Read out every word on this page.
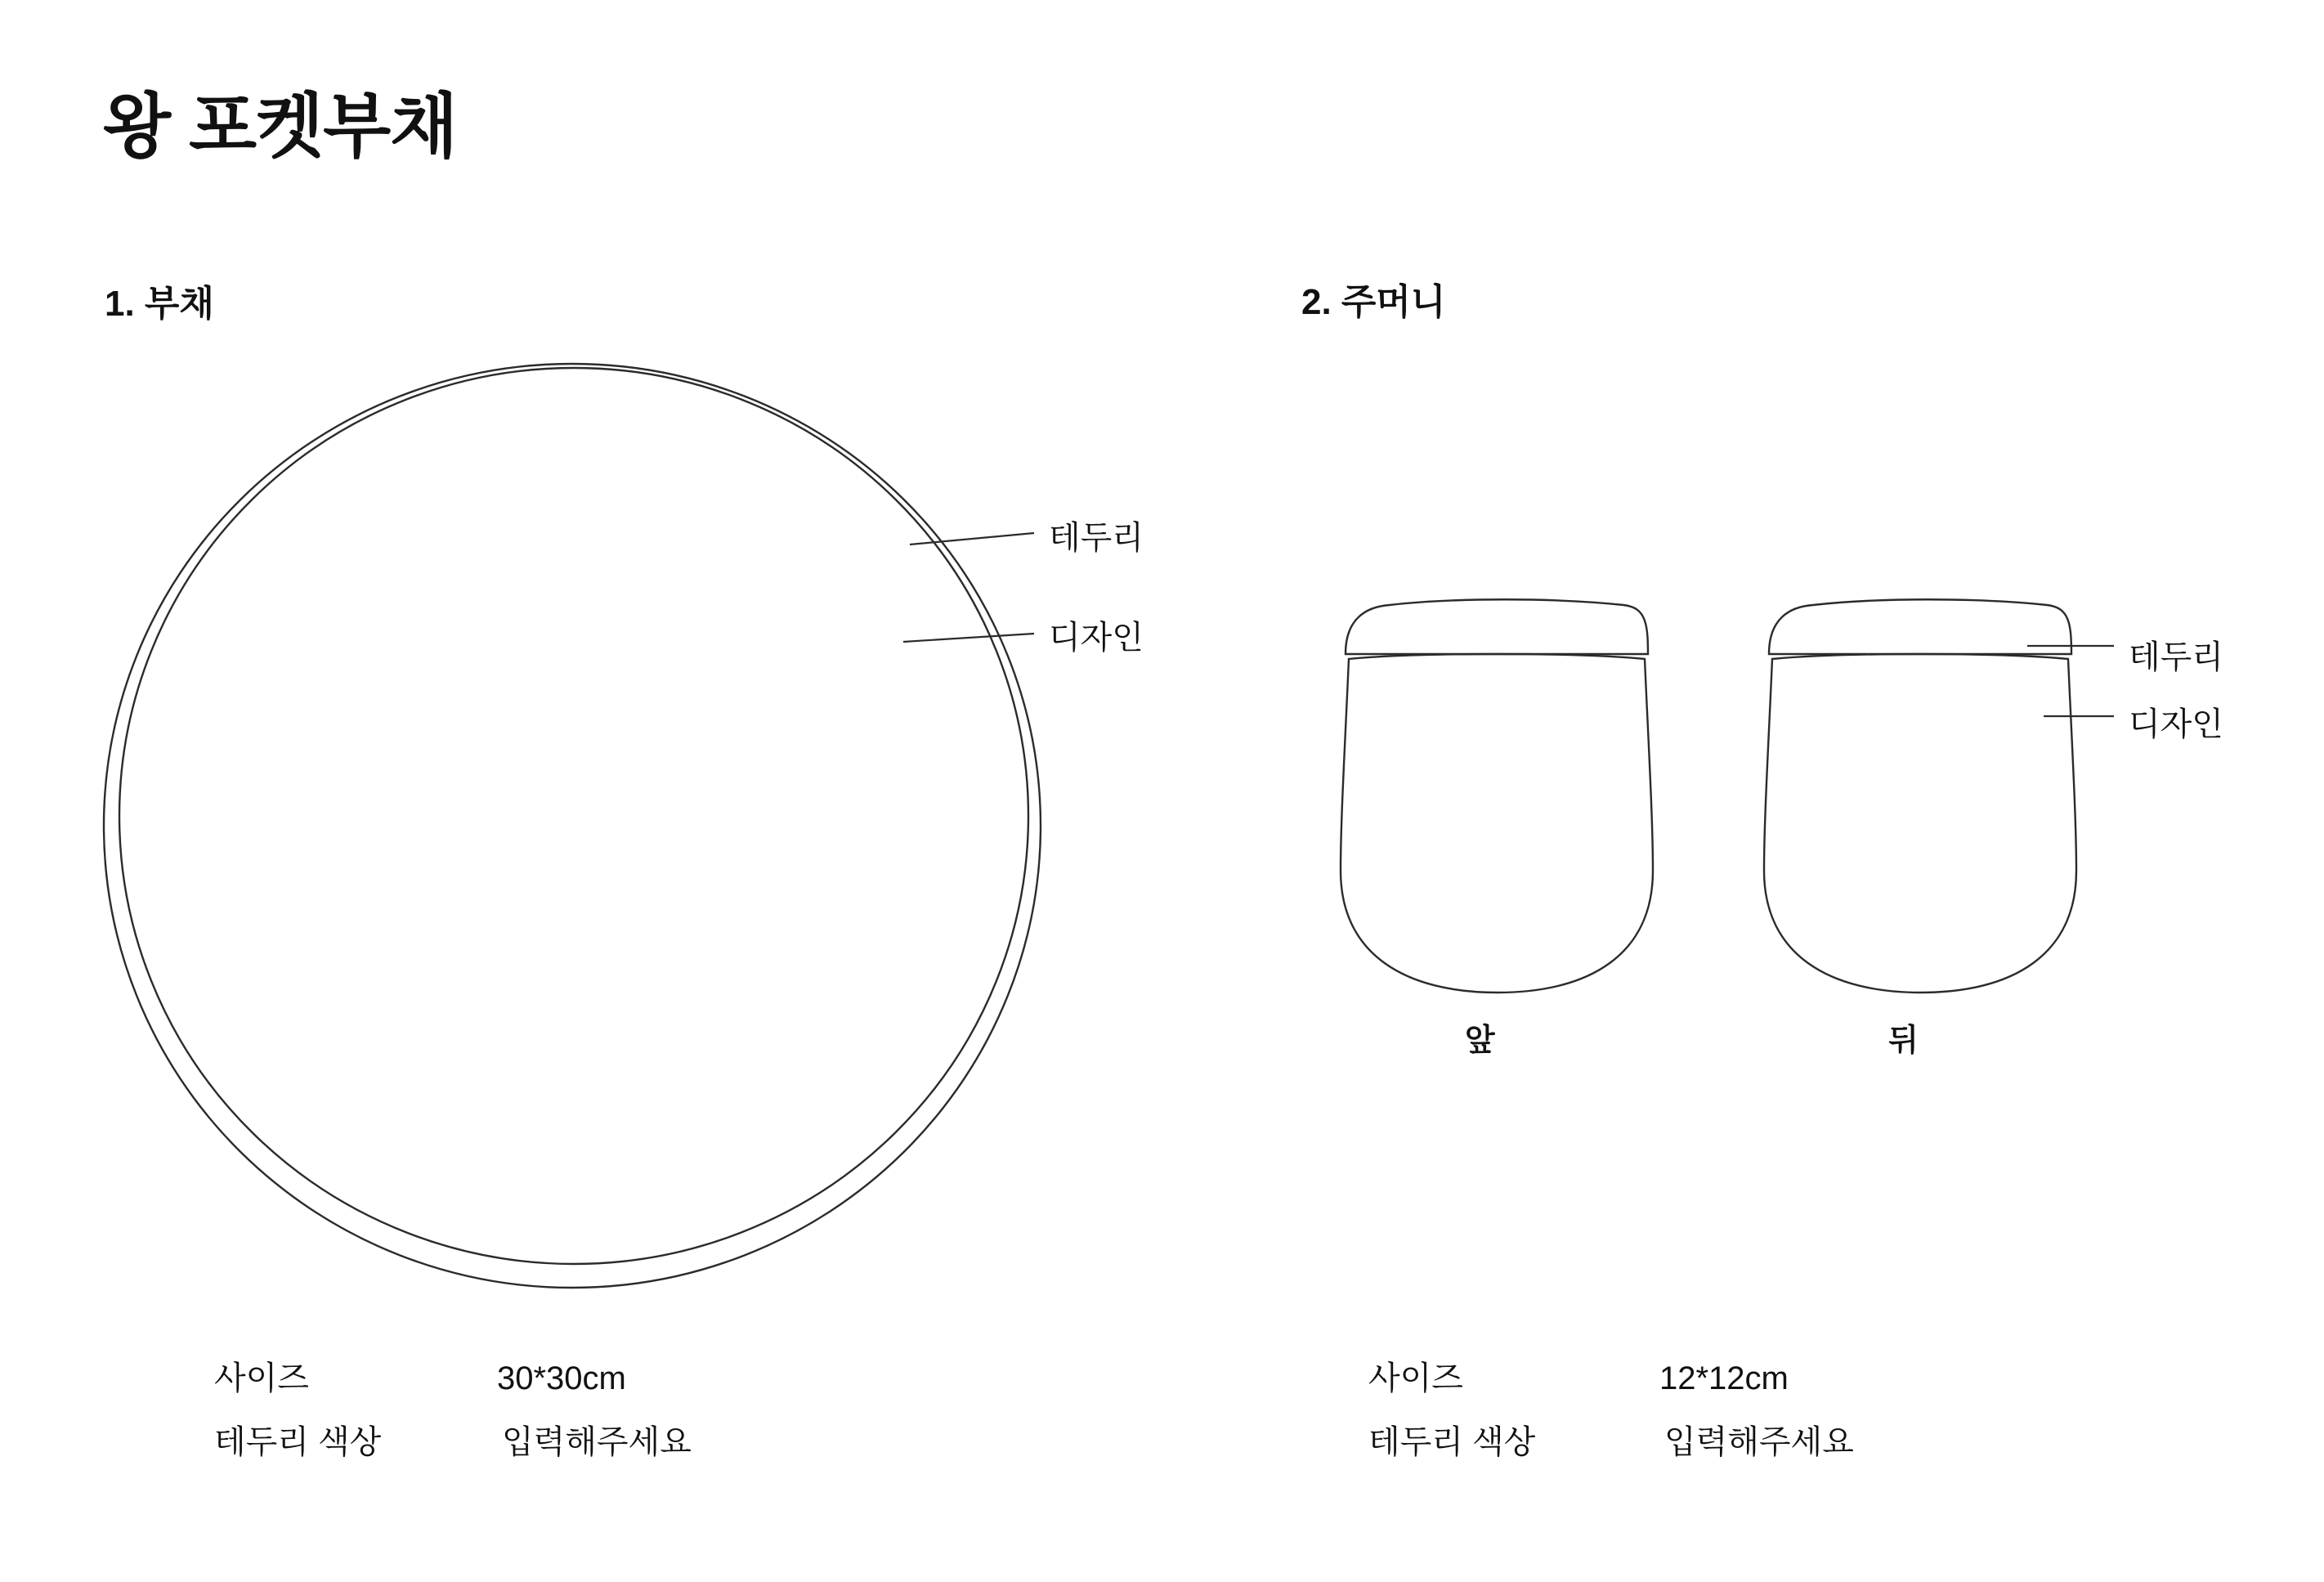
왕 포켓부채
1. 부채	2. 주머니
테두리
디자인
테두리
디자인
앞	뒤
사이즈	30*30cm
테두리 색상	입력해주세요
사이즈	12*12cm
테두리 색상	입력해주세요
